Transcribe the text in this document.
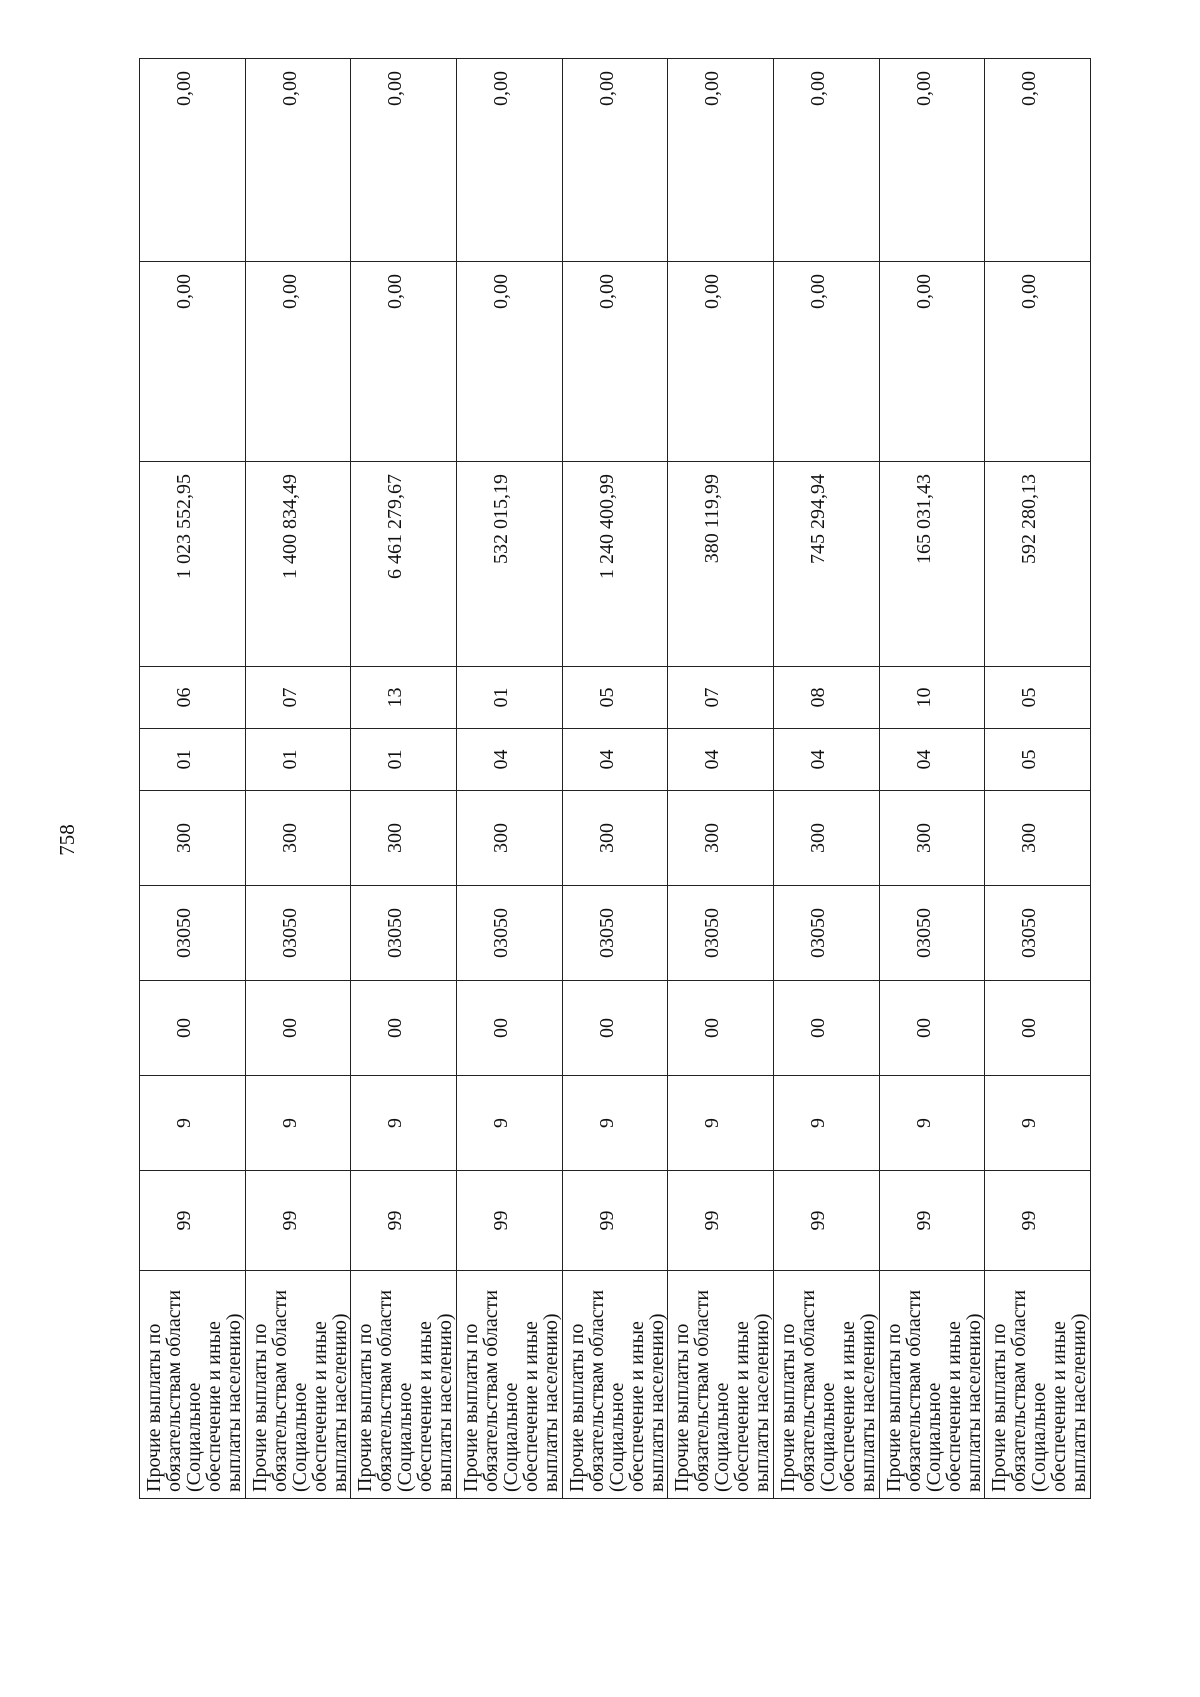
758
Прочие выплаты по обязательствам области (Социальное обеспечение и иные выплаты населению)	99	9	00	03050	300	01	06	1 023 552,95	0,00	0,00
Прочие выплаты по обязательствам области (Социальное обеспечение и иные выплаты населению)	99	9	00	03050	300	01	07	1 400 834,49	0,00	0,00
Прочие выплаты по обязательствам области (Социальное обеспечение и иные выплаты населению)	99	9	00	03050	300	01	13	6 461 279,67	0,00	0,00
Прочие выплаты по обязательствам области (Социальное обеспечение и иные выплаты населению)	99	9	00	03050	300	04	01	532 015,19	0,00	0,00
Прочие выплаты по обязательствам области (Социальное обеспечение и иные выплаты населению)	99	9	00	03050	300	04	05	1 240 400,99	0,00	0,00
Прочие выплаты по обязательствам области (Социальное обеспечение и иные выплаты населению)	99	9	00	03050	300	04	07	380 119,99	0,00	0,00
Прочие выплаты по обязательствам области (Социальное обеспечение и иные выплаты населению)	99	9	00	03050	300	04	08	745 294,94	0,00	0,00
Прочие выплаты по обязательствам области (Социальное обеспечение и иные выплаты населению)	99	9	00	03050	300	04	10	165 031,43	0,00	0,00
Прочие выплаты по обязательствам области (Социальное обеспечение и иные выплаты населению)	99	9	00	03050	300	05	05	592 280,13	0,00	0,00
